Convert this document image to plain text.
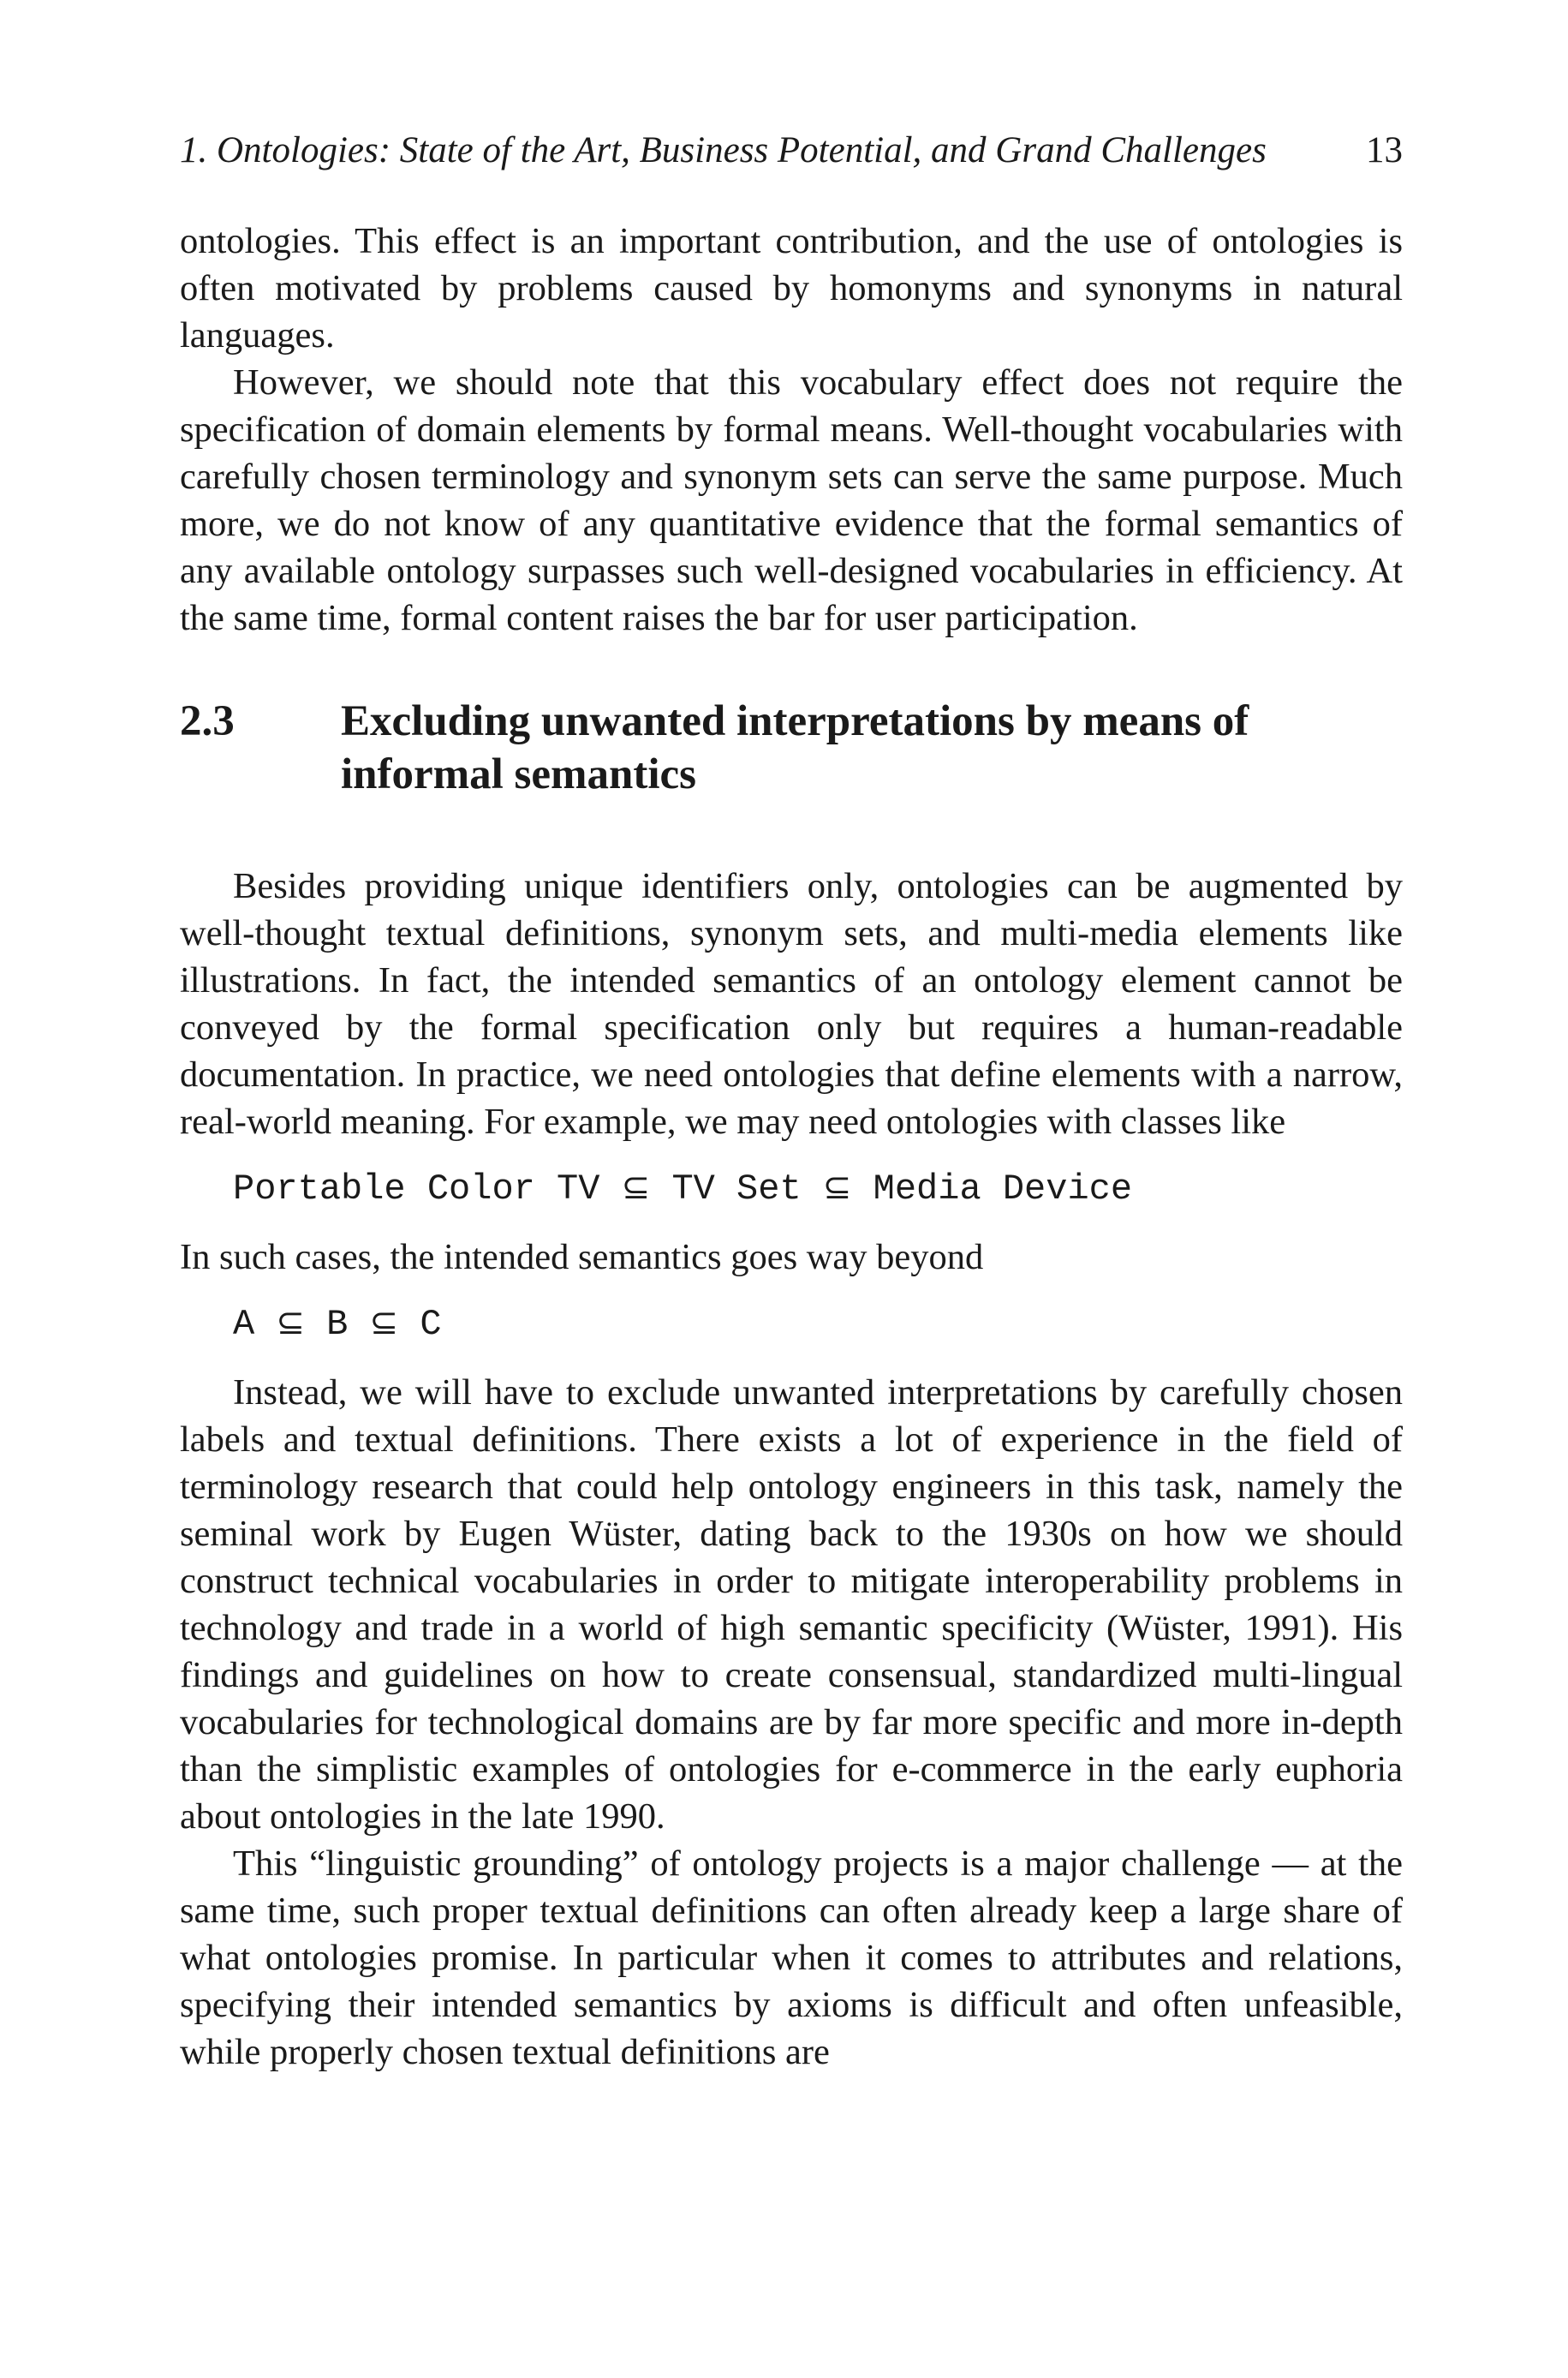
1. Ontologies: State of the Art, Business Potential, and Grand Challenges	13

ontologies. This effect is an important contribution, and the use of ontologies is often motivated by problems caused by homonyms and synonyms in natural languages.

However, we should note that this vocabulary effect does not require the specification of domain elements by formal means. Well-thought vocabularies with carefully chosen terminology and synonym sets can serve the same purpose. Much more, we do not know of any quantitative evidence that the formal semantics of any available ontology surpasses such well-designed vocabularies in efficiency. At the same time, formal content raises the bar for user participation.

2.3	Excluding unwanted interpretations by means of informal semantics

Besides providing unique identifiers only, ontologies can be augmented by well-thought textual definitions, synonym sets, and multi-media elements like illustrations. In fact, the intended semantics of an ontology element cannot be conveyed by the formal specification only but requires a human-readable documentation. In practice, we need ontologies that define elements with a narrow, real-world meaning. For example, we may need ontologies with classes like

Portable Color TV ⊆ TV Set ⊆ Media Device

In such cases, the intended semantics goes way beyond

A ⊆ B ⊆ C

Instead, we will have to exclude unwanted interpretations by carefully chosen labels and textual definitions. There exists a lot of experience in the field of terminology research that could help ontology engineers in this task, namely the seminal work by Eugen Wüster, dating back to the 1930s on how we should construct technical vocabularies in order to mitigate interoperability problems in technology and trade in a world of high semantic specificity (Wüster, 1991). His findings and guidelines on how to create consensual, standardized multi-lingual vocabularies for technological domains are by far more specific and more in-depth than the simplistic examples of ontologies for e-commerce in the early euphoria about ontologies in the late 1990.

This “linguistic grounding” of ontology projects is a major challenge — at the same time, such proper textual definitions can often already keep a large share of what ontologies promise. In particular when it comes to attributes and relations, specifying their intended semantics by axioms is difficult and often unfeasible, while properly chosen textual definitions are
